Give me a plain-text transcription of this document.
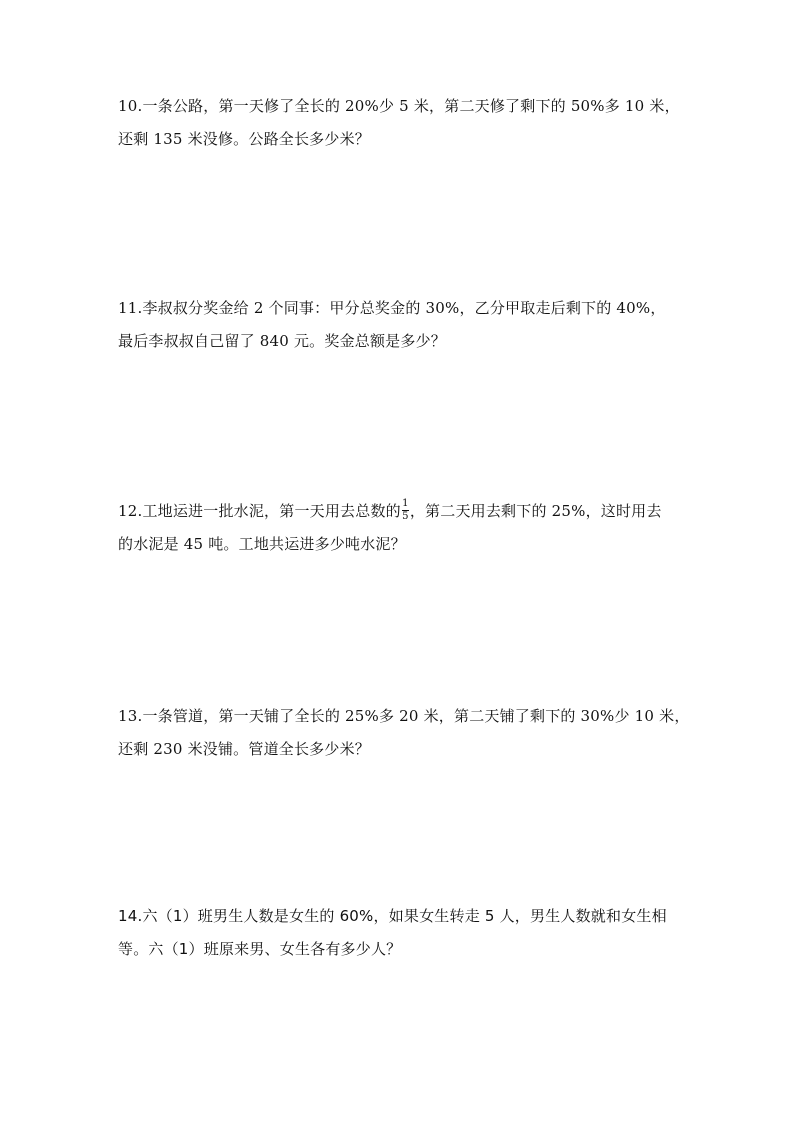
10.一条公路，第一天修了全长的 20%少 5 米，第二天修了剩下的 50%多 10 米，
还剩 135 米没修。公路全长多少米？
11.李叔叔分奖金给 2 个同事：甲分总奖金的 30%，乙分甲取走后剩下的 40%，
最后李叔叔自己留了 840 元。奖金总额是多少？
12.工地运进一批水泥，第一天用去总数的 $\frac{1}{5}$ ，第二天用去剩下的 25%，这时用去
的水泥是 45 吨。工地共运进多少吨水泥？
13.一条管道，第一天铺了全长的 25%多 20 米，第二天铺了剩下的 30%少 10 米，
还剩 230 米没铺。管道全长多少米？
14.六（1）班男生人数是女生的 60%，如果女生转走 5 人，男生人数就和女生相
等。六（1）班原来男、女生各有多少人？
